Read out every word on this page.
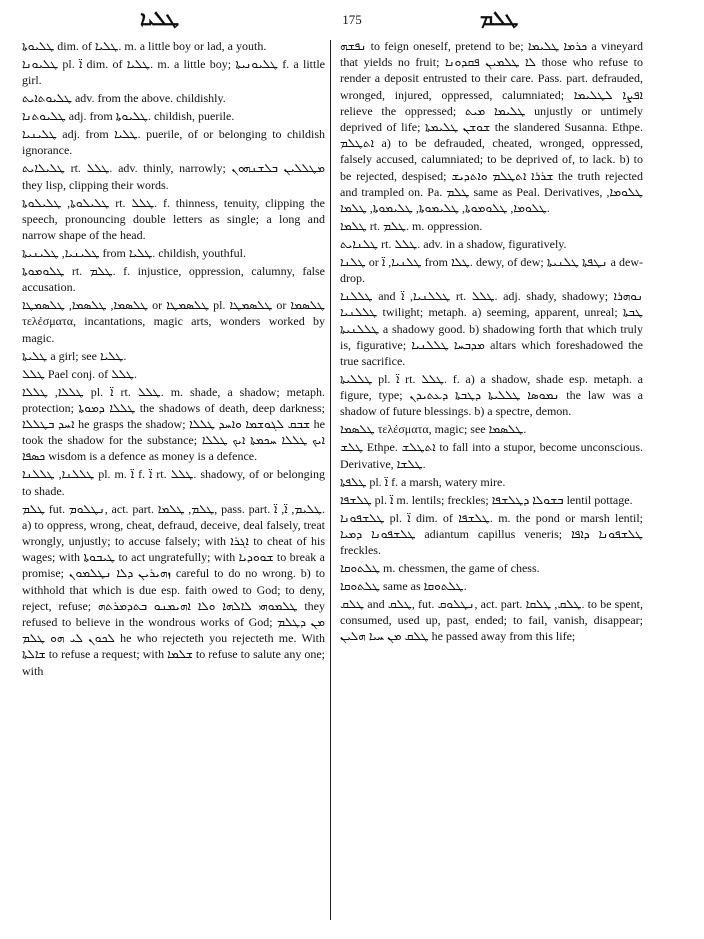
ܛܠܝܐ	175	ܛܠܡ

ܛܠܝܘܬܐ dim. of ܛܠܝܐ. m. a little boy or lad, a youth.

ܛܠܝܘܢܐ pl. ܐ̈ dim. of ܛܠܝܐ. m. a little boy; ܛܠܝܘܢܝܬܐ f. a little girl.

ܛܠܝܘܬܐܝܬ adv. from the above. childishly.

ܛܠܝܘܬܢܐ adj. from ܛܠܝܘܬܐ. childish, puerile.

ܛܠܝܢܝܐ adj. from ܛܠܝܐ. puerile, of or belonging to childish ignorance.

ܛܠܝܠܐܝܬ rt. ܛܠܠ. adv. thinly, narrowly; ܡܛܠܠܝܢ ܒܠܫܢܗܘܢ they lisp, clipping their words.

ܛܠܝܠܘܬܐ, ܛܠܝܠܘܬܐ rt. ܛܠܠ. f. thinness, tenuity, clipping the speech, pronouncing double letters as single; a long and narrow shape of the head.

ܛܠܝܢܝܐ, ܛܠܝܢܝܬܐ from ܛܠܝܐ. childish, youthful.

ܛܠܘܡܘܬܐ rt. ܛܠܡ. f. injustice, oppression, calumny, false accusation.

ܛܠܣܡܐ, ܛܠܣܡܐ, ܛܠܣܡܛܐ or ܛܠܣܡܛܐ pl. ܛܠܣܡܛܐ or ܛܠܣܡܐ τελέσματα, incantations, magic arts, wonders worked by magic.

ܛܠܝܬܐ a girl; see ܛܠܝܐ.

ܛܠܠ Pael conj. of ܛܠܠ.

ܛܠܠܐ, ܛܠܠܐ pl. ܐ̈ rt. ܛܠܠ. m. shade, a shadow; metaph. protection; ܛܠܠܐ ܕܡܘܬܐ the shadows of death, deep darkness; ܐܚܕ ܒܛܠܠܐ he grasps the shadow; ܫܒܩ ܠܓܘܫܡܐ ܘܐܚܕ ܛܠܠܐ he took the shadow for the substance; ܐܝܟ ܛܠܠܐ ܚܟܡܬܐ ܐܝܟ ܛܠܠܐ ܟܣܦܐ wisdom is a defence as money is a defence.

ܛܠܠܢܐ, ܛܠܠܢܐ pl. m. ܐ̈ f. ܐ̈ rt. ܛܠܠ. shadowy, of or belonging to shade.

ܛܠܡ fut. ܢܛܠܘܡ, act. part. ܛܠܡ, ܛܠܡܐ, pass. part. ܛܠܝܡ, ܐ̈, ܐ̈. a) to oppress, wrong, cheat, defraud, deceive, deal falsely, treat wrongly, unjustly; to accuse falsely; with ܐܓܪܐ to cheat of his wages; with ܛܝܒܘܬܐ to act ungratefully; with ܫܘܘܕܝܐ to break a promise; ܙܗܝܪܝܢ ܕܠܐ ܢܛܠܡܘܢ careful to do no wrong. b) to withhold that which is due esp. faith owed to God; to deny, reject, refuse; ܛܠܡܘܗܝ ܠܐܠܗܐ ܘܠܐ ܐܗܝܡܢܘ ܒܬܕܡܪܬܗ they refused to believe in the wondrous works of God; ܡܢ ܕܛܠܡ ܠܟܘܢ ܠܝ ܗܘ ܛܠܡ he who rejecteth you rejecteth me. With ܫܐܠܬܐ to refuse a request; with ܫܠܡܐ to refuse to salute any one; with

ܢܦܫܗ to feign oneself, pretend to be; ܟܪܡܐ ܛܠܝܡܐ a vineyard that yields no fruit; ܠܐ ܛܠܡܝܢ ܦܩܕܘܢܐ those who refuse to render a deposit entrusted to their care. Pass. part. defrauded, wronged, injured, oppressed, calumniated; ܐܦܨܐ ܠܛܠܝܡܐ relieve the oppressed; ܛܠܝܡܐ ܡܝܬ unjustly or untimely deprived of life; ܫܘܫܢ ܛܠܝܡܬܐ the slandered Susanna. Ethpe. ܐܬܛܠܡ a) to be defrauded, cheated, wronged, oppressed, falsely accused, calumniated; to be deprived of, to lack. b) to be rejected, despised; ܫܪܪܐ ܐܬܛܠܡ ܘܐܬܕܝܫ the truth rejected and trampled on. Pa. ܛܠܡ same as Peal. Derivatives, ܛܠܘܡܐ, ܛܠܘܡܐ, ܛܠܘܡܘܬܐ, ܛܠܝܡܘܬܐ, ܛܠܝܡܘܬܐ, ܛܠܡܐ.

ܛܠܡܐ rt. ܛܠܡ. m. oppression.

ܛܠܢܐܝܬ rt. ܛܠܠ. adv. in a shadow, figuratively.

ܛܠܢܐ or ܛܠܢܝܐ, ܐ̈ from ܛܠܐ. dewy, of dew; ܢܛܦܬܐ ܛܠܢܝܬܐ a dew-drop.

ܛܠܠܢܐ and ܛܠܠܢܝܐ, ܐ̈ rt. ܛܠܠ. adj. shady, shadowy; ܢܘܗܪܐ ܛܠܠܢܝܐ twilight; metaph. a) seeming, apparent, unreal; ܛܒܬܐ ܛܠܠܢܝܬܐ a shadowy good. b) shadowing forth that which truly is, figurative; ܡܕܒܚܐ ܛܠܠܢܝܐ altars which foreshadowed the true sacrifice.

ܛܠܠܝܬܐ pl. ܐ̈ rt. ܛܠܠ. f. a) a shadow, shade esp. metaph. a figure, type; ܢܡܘܣܐ ܛܠܠܝܬܐ ܕܛܒܬܐ ܕܥܬܝܕܢ the law was a shadow of future blessings. b) a spectre, demon.

ܛܠܣܡܐ τελέσματα, magic; see ܛܠܣܡܐ.

ܛܠܫ Ethpe. ܐܬܛܠܫ to fall into a stupor, become unconscious. Derivative, ܛܠܫܐ.

ܛܠܦܬܐ pl. ܐ̈ f. a marsh, watery mire.

ܛܠܫܦܐ pl. ܐ̈ m. lentils; freckles; ܒܫܘܠܐ ܕܛܠܫܦܐ lentil pottage.

ܛܠܫܦܘܢܐ pl. ܐ̈ dim. of ܛܠܫܦܐ. m. the pond or marsh lentil; ܛܠܫܦܘܢܐ ܕܡܝܐ adiantum capillus veneris; ܛܠܫܦܘܢܐ ܕܐܦܐ freckles.

ܛܠܬܘܩܐ m. chessmen, the game of chess.

ܛܠܬܘܩܐ same as ܛܠܬܘܩܐ.

ܛܠܩ and ܛܠܩ, fut. ܢܛܠܘܩ, act. part. ܛܠܩ, ܛܠܩܐ. to be spent, consumed, used up, past, ended; to fail, vanish, disappear; ܛܠܩ ܡܢ ܚܝܐ ܗܠܝܢ he passed away from this life;
